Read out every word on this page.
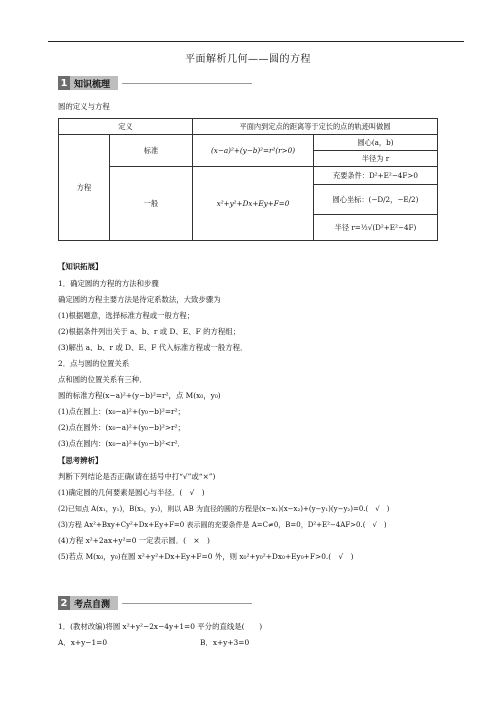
平面解析几何——圆的方程
1 知识梳理
圆的定义与方程
定义		平面内到定点的距离等于定长的点的轨迹叫做圆	
方程	标准	(x−a)²+(y−b)²=r²(r>0)	圆心(a，b)
			半径为 r
	一般	x²+y²+Dx+Ey+F=0	充要条件：D²+E²−4F>0
			圆心坐标：(−D/2，−E/2)
			半径 r=½√(D²+E²−4F)
【知识拓展】
1．确定圆的方程的方法和步骤
确定圆的方程主要方法是待定系数法，大致步骤为
(1)根据题意，选择标准方程或一般方程；
(2)根据条件列出关于 a、b、r 或 D、E、F 的方程组；
(3)解出 a、b、r 或 D、E、F 代入标准方程或一般方程．
2．点与圆的位置关系
点和圆的位置关系有三种．
圆的标准方程(x−a)²+(y−b)²=r²，点 M(x₀，y₀)
(1)点在圆上：(x₀−a)²+(y₀−b)²=r²；
(2)点在圆外：(x₀−a)²+(y₀−b)²>r²；
(3)点在圆内：(x₀−a)²+(y₀−b)²<r²．
【思考辨析】
判断下列结论是否正确(请在括号中打“√”或“×”)
(1)确定圆的几何要素是圆心与半径．(　√　)
(2)已知点 A(x₁，y₁)，B(x₂，y₂)，则以 AB 为直径的圆的方程是(x−x₁)(x−x₂)+(y−y₁)(y−y₂)=0.(　√　)
(3)方程 Ax²+Bxy+Cy²+Dx+Ey+F=0 表示圆的充要条件是 A=C≠0，B=0，D²+E²−4AF>0.(　√　)
(4)方程 x²+2ax+y²=0 一定表示圆．(　×　)
(5)若点 M(x₀，y₀)在圆 x²+y²+Dx+Ey+F=0 外，则 x₀²+y₀²+Dx₀+Ey₀+F>0.(　√　)
2 考点自测
1．(教材改编)将圆 x²+y²−2x−4y+1=0 平分的直线是(　　)
A．x+y−1=0	B．x+y+3=0
